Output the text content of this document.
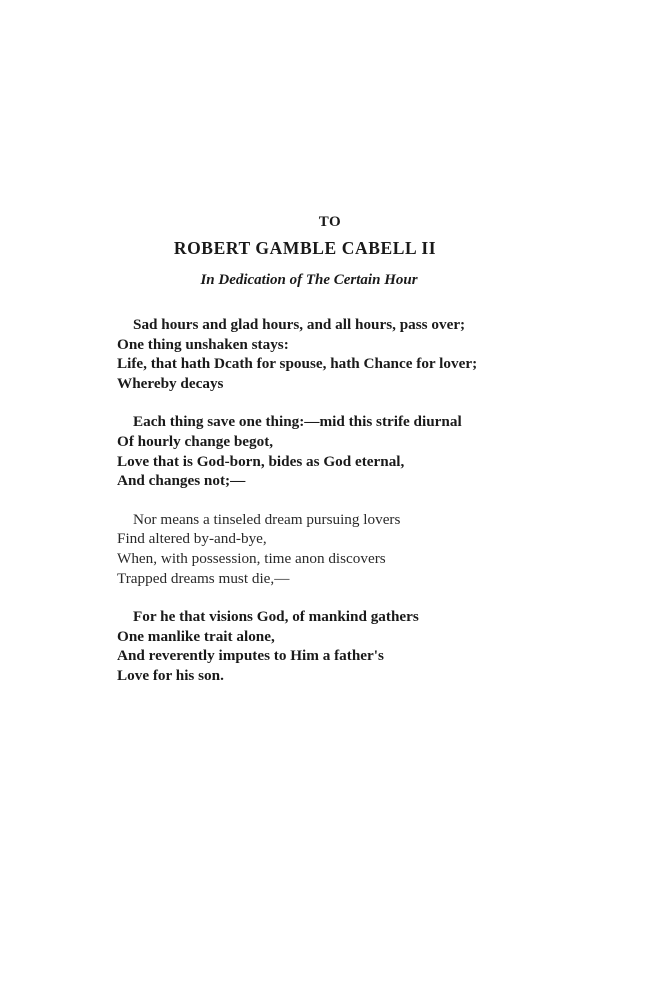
TO
ROBERT GAMBLE CABELL II
In Dedication of The Certain Hour
Sad hours and glad hours, and all hours, pass over;
One thing unshaken stays:
Life, that hath Dcath for spouse, hath Chance for lover;
Whereby decays
Each thing save one thing:—mid this strife diurnal
Of hourly change begot,
Love that is God-born, bides as God eternal,
And changes not;—
Nor means a tinseled dream pursuing lovers
Find altered by-and-bye,
When, with possession, time anon discovers
Trapped dreams must die,—
For he that visions God, of mankind gathers
One manlike trait alone,
And reverently imputes to Him a father's
Love for his son.
